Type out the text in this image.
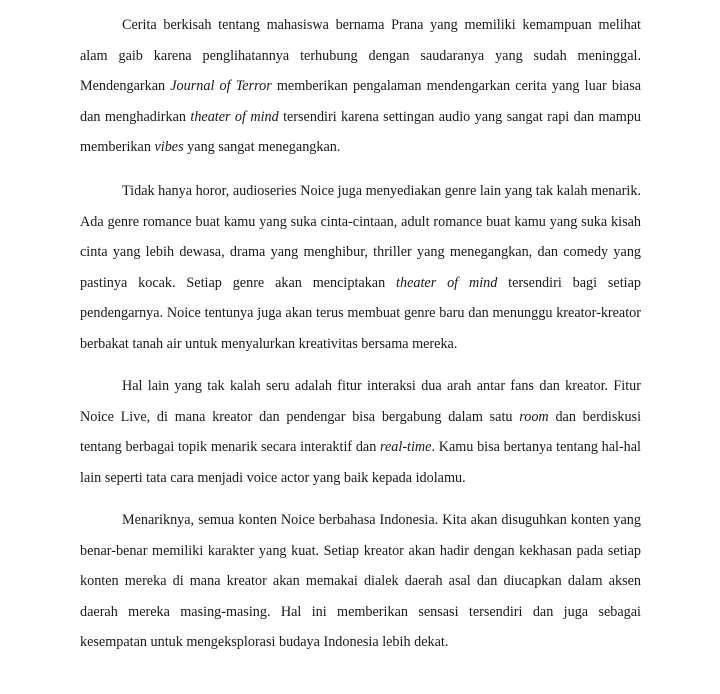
Cerita berkisah tentang mahasiswa bernama Prana yang memiliki kemampuan melihat alam gaib karena penglihatannya terhubung dengan saudaranya yang sudah meninggal. Mendengarkan Journal of Terror memberikan pengalaman mendengarkan cerita yang luar biasa dan menghadirkan theater of mind tersendiri karena settingan audio yang sangat rapi dan mampu memberikan vibes yang sangat menegangkan.

Tidak hanya horor, audioseries Noice juga menyediakan genre lain yang tak kalah menarik. Ada genre romance buat kamu yang suka cinta-cintaan, adult romance buat kamu yang suka kisah cinta yang lebih dewasa, drama yang menghibur, thriller yang menegangkan, dan comedy yang pastinya kocak. Setiap genre akan menciptakan theater of mind tersendiri bagi setiap pendengarnya. Noice tentunya juga akan terus membuat genre baru dan menunggu kreator-kreator berbakat tanah air untuk menyalurkan kreativitas bersama mereka.

Hal lain yang tak kalah seru adalah fitur interaksi dua arah antar fans dan kreator. Fitur Noice Live, di mana kreator dan pendengar bisa bergabung dalam satu room dan berdiskusi tentang berbagai topik menarik secara interaktif dan real-time. Kamu bisa bertanya tentang hal-hal lain seperti tata cara menjadi voice actor yang baik kepada idolamu.

Menariknya, semua konten Noice berbahasa Indonesia. Kita akan disuguhkan konten yang benar-benar memiliki karakter yang kuat. Setiap kreator akan hadir dengan kekhasan pada setiap konten mereka di mana kreator akan memakai dialek daerah asal dan diucapkan dalam aksen daerah mereka masing-masing. Hal ini memberikan sensasi tersendiri dan juga sebagai kesempatan untuk mengeksplorasi budaya Indonesia lebih dekat.
